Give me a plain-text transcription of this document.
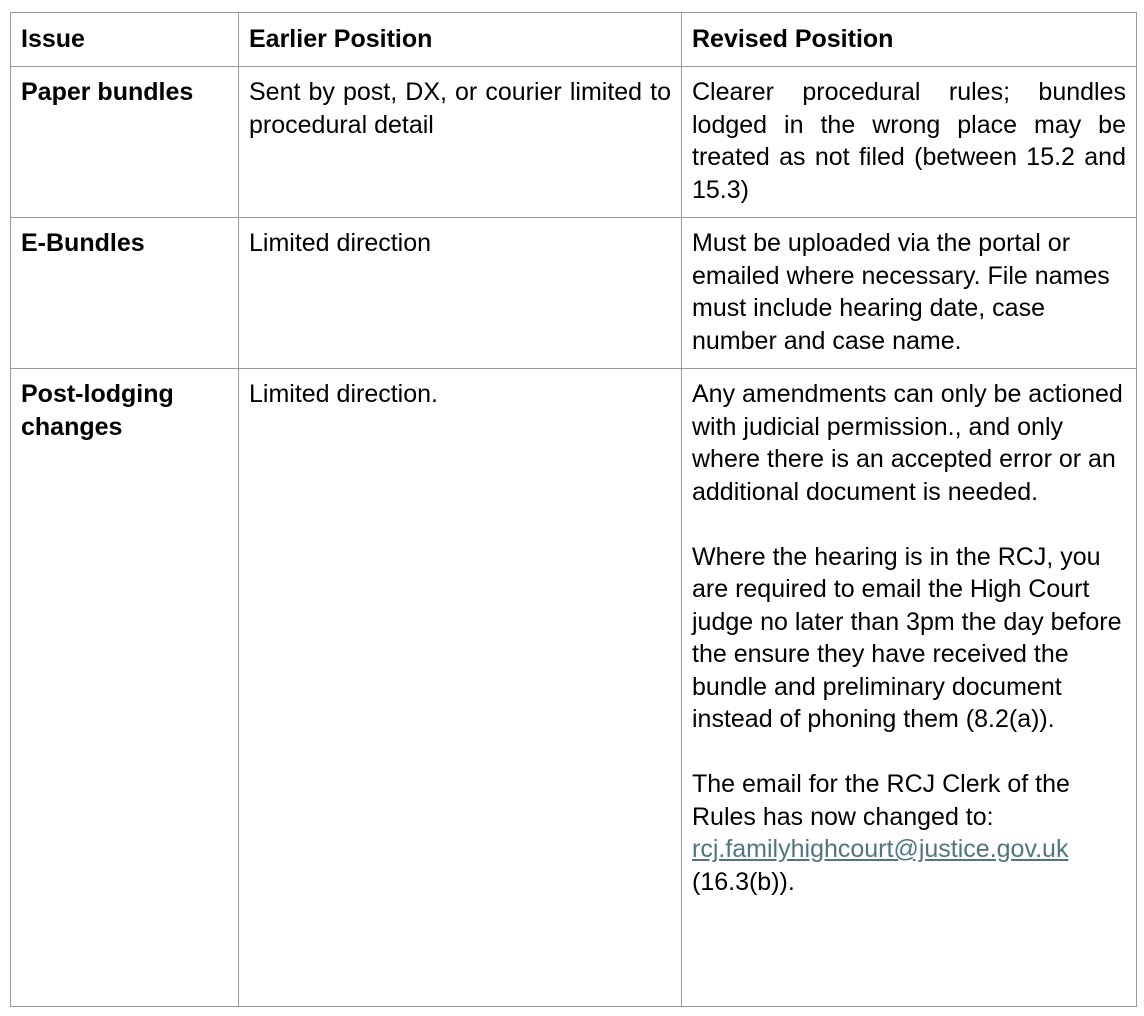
Issue	Earlier Position	Revised Position
Paper bundles	Sent by post, DX, or courier limited to procedural detail	Clearer procedural rules; bundles lodged in the wrong place may be treated as not filed (between 15.2 and 15.3)

E-Bundles	Limited direction	Must be uploaded via the portal or emailed where necessary. File names must include hearing date, case number and case name.

Post-lodging changes	Limited direction.	Any amendments can only be actioned with judicial permission., and only where there is an accepted error or an additional document is needed.

Where the hearing is in the RCJ, you are required to email the High Court judge no later than 3pm the day before the ensure they have received the bundle and preliminary document instead of phoning them (8.2(a)).

The email for the RCJ Clerk of the Rules has now changed to:
rcj.familyhighcourt@justice.gov.uk
(16.3(b)).
